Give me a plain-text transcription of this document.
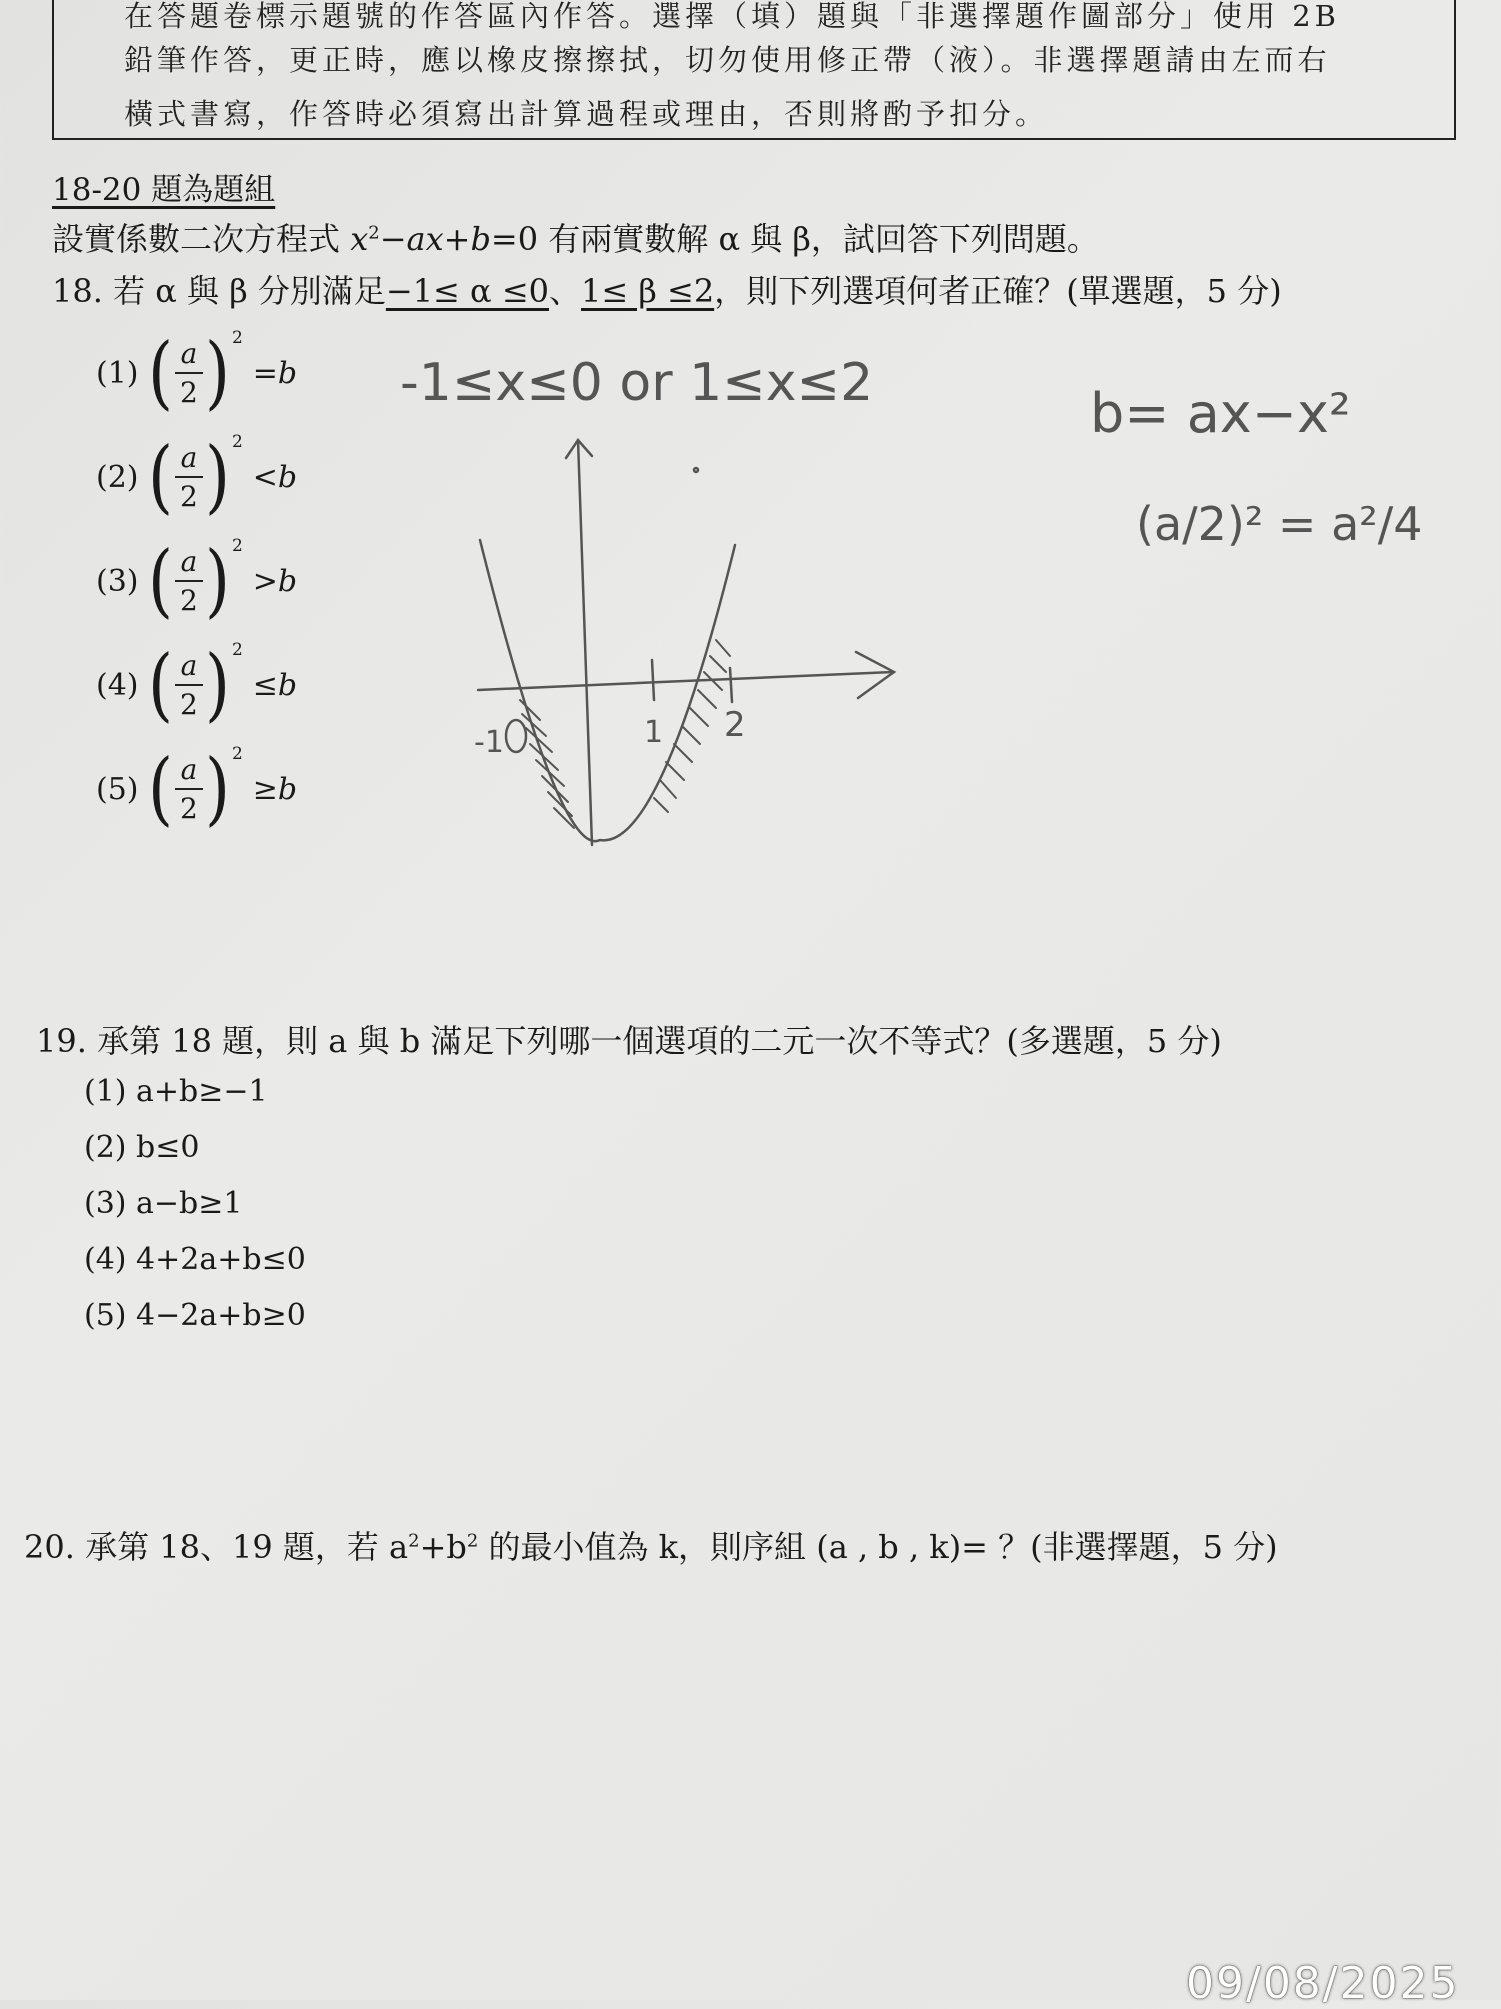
在答題卷標示題號的作答區內作答。選擇（填）題與「非選擇題作圖部分」使用 2B
鉛筆作答，更正時，應以橡皮擦擦拭，切勿使用修正帶（液）。非選擇題請由左而右
橫式書寫，作答時必須寫出計算過程或理由，否則將酌予扣分。
18-20 題為題組
設實係數二次方程式 $x^2-ax+b=0$ 有兩實數解 α 與 β，試回答下列問題。
18. 若 α 與 β 分別滿足−1≤ α ≤0、1≤ β ≤2，則下列選項何者正確？(單選題，5 分)
(1) ( $\frac{a}{2}$ ) 2
=b
(2) ( $\frac{a}{2}$ ) 2
<b
(3) ( $\frac{a}{2}$ ) 2
>b
(4) ( $\frac{a}{2}$ ) 2
≤b
(5) ( $\frac{a}{2}$ ) 2
≥b
-1≤x≤0 or 1≤x≤2	b= ax−x²
(a/2)² = a²/4
1 2
-1
19. 承第 18 題，則 a 與 b 滿足下列哪一個選項的二元一次不等式？(多選題，5 分)
(1) a+b≥−1
(2) b≤0
(3) a−b≥1
(4) 4+2a+b≤0
(5) 4−2a+b≥0
20. 承第 18、19 題，若 $a^2+b^2$ 的最小值為 k，則序組 (a , b , k)= ？(非選擇題，5 分)
09/08/2025
